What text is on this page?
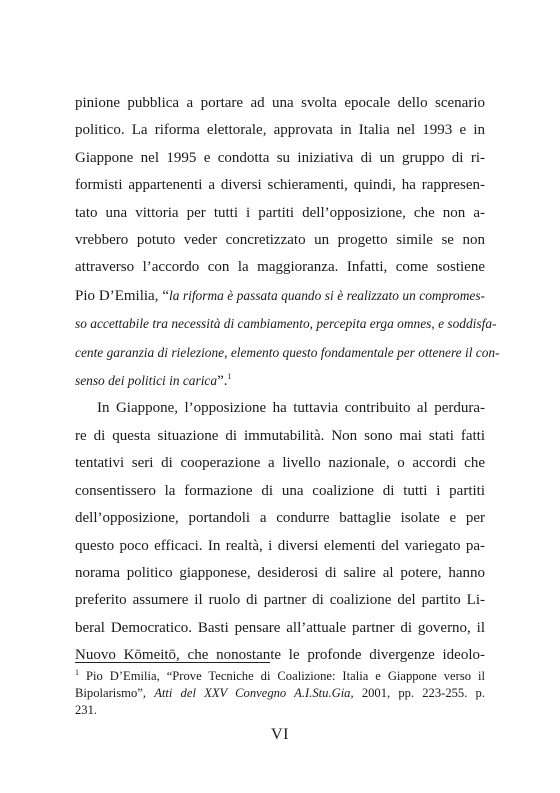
pinione pubblica a portare ad una svolta epocale dello scenario
politico. La riforma elettorale, approvata in Italia nel 1993 e in
Giappone nel 1995 e condotta su iniziativa di un gruppo di ri-
formisti appartenenti a diversi schieramenti, quindi, ha rappresen-
tato una vittoria per tutti i partiti dell’opposizione, che non a-
vrebbero potuto veder concretizzato un progetto simile se non
attraverso l’accordo con la maggioranza. Infatti, come sostiene
Pio D’Emilia, “la riforma è passata quando si è realizzato un compromes-
so accettabile tra necessità di cambiamento, percepita erga omnes, e soddisfa-
cente garanzia di rielezione, elemento questo fondamentale per ottenere il con-
senso dei politici in carica”.$^1$
In Giappone, l’opposizione ha tuttavia contribuito al perdura-
re di questa situazione di immutabilità. Non sono mai stati fatti
tentativi seri di cooperazione a livello nazionale, o accordi che
consentissero la formazione di una coalizione di tutti i partiti
dell’opposizione, portandoli a condurre battaglie isolate e per
questo poco efficaci. In realtà, i diversi elementi del variegato pa-
norama politico giapponese, desiderosi di salire al potere, hanno
preferito assumere il ruolo di partner di coalizione del partito Li-
beral Democratico. Basti pensare all’attuale partner di governo, il
Nuovo Kōmeitō, che nonostante le profonde divergenze ideolo-
$^1$ Pio D’Emilia, “Prove Tecniche di Coalizione: Italia e Giappone verso il
Bipolarismo”, Atti del XXV Convegno A.I.Stu.Gia, 2001, pp. 223-255. p.
231.
VI
